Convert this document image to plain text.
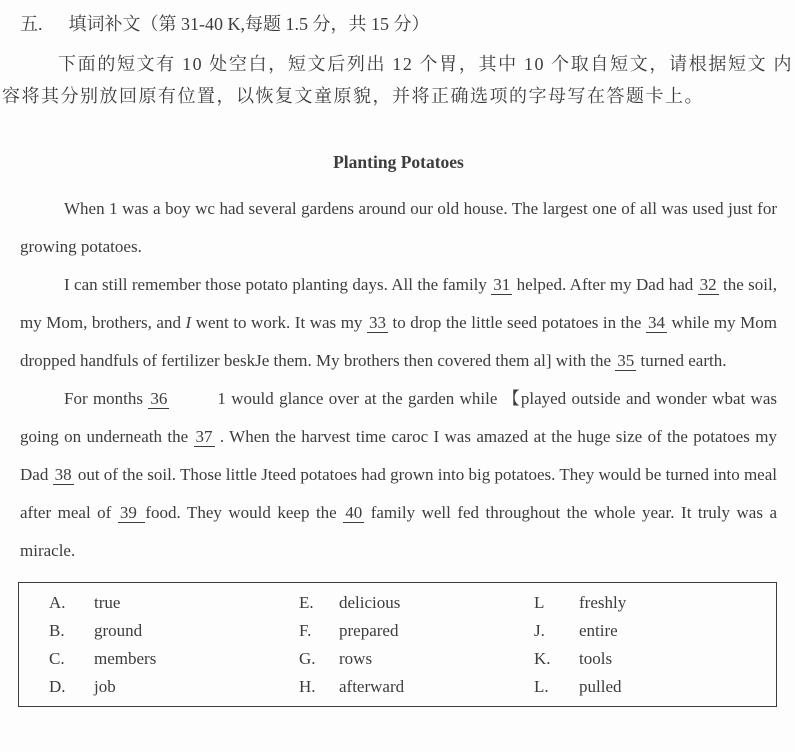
五. 填词补文（第 31-40 K,每题 1.5 分，共 15 分）

下面的短文有 10 处空白，短文后列出 12 个胃，其中 10 个取自短文，请根据短文 内容将其分别放回原有位置，以恢复文童原貌，并将正确选项的字母写在答题卡上。

Planting Potatoes

When 1 was a boy wc had several gardens around our old house. The largest one of all was used just for growing potatoes.

I can still remember those potato planting days. All the family 31 helped. After my Dad had 32 the soil, my Mom, brothers, and I went to work. It was my 33 to drop the little seed potatoes in the 34 while my Mom dropped handfuls of fertilizer beskJe them. My brothers then covered them al] with the 35 turned earth.

For months 36	1 would glance over at the garden while 【played outside and wonder wbat was going on underneath the 37 . When the harvest time caroc I was amazed at the huge size of the potatoes my Dad 38 out of the soil. Those little Jteed potatoes had grown into big potatoes. They would be turned into meal after meal of 39 food. They would keep the 40 family well fed throughout the whole year. It truly was a miracle.

A.	true	E.	delicious	L	freshly
B.	ground	F.	prepared	J.	entire
C.	members	G.	rows	K.	tools
D.	job	H.	afterward	L.	pulled
